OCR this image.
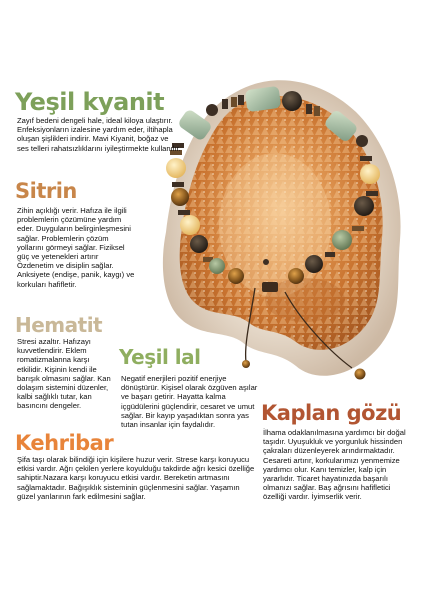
Yeşil kyanit

Zayıf bedeni dengeli hale, ideal kiloya ulaştırır. Enfeksiyonların izalesine yardım eder, iltihapla oluşan şişlikleri indirir. Mavi Kiyanit, boğaz ve ses telleri rahatsızlıklarını iyileştirmekte kullanılır.

Sitrin

Zihin açıklığı verir. Hafıza ile ilgili problemlerin çözümüne yardım eder. Duyguların belirginleşmesini sağlar. Problemlerin çözüm yollarını görmeyi sağlar. Fiziksel güç ve yetenekleri artırır Özdenetim ve disiplin sağlar. Anksiyete (endişe, panik, kaygı) ve korkuları hafifletir.

Hematit

Stresi azaltır. Hafızayı kuvvetlendirir. Eklem romatizmalanna karşı etkilidir. Kişinin kendi ile barışık olmasını sağlar. Kan dolaşım sistemini düzenler, kalbi sağlıklı tutar, kan basıncını dengeler.

Yeşil lal

Negatif enerjileri pozitif enerjiye dönüştürür. Kişisel olarak özgüven aşılar ve başarı getirir. Hayatta kalma içgüdülerini güçlendirir, cesaret ve umut sağlar. Bir kayıp yaşadıktan sonra yas tutan insanlar için faydalıdır.

Kehribar

Şifa taşı olarak bilindiği için kişilere huzur verir. Strese karşı koruyucu etkisi vardır. Ağrı çekilen yerlere koyulduğu takdirde ağrı kesici özelliğe sahiptir.Nazara karşı koruyucu etkisi vardır. Bereketin artmasını sağlamaktadır. Bağışıklık sisteminin güçlenmesini sağlar. Yaşamın güzel yanlarının fark edilmesini sağlar.

Kaplan gözü

İlhama odaklanılmasına yardımcı bir doğal taşıdır. Uyuşukluk ve yorgunluk hissinden çakraları düzenleyerek arındırmaktadır. Cesareti artırır, korkularımızı yenmemize yardımcı olur. Kanı temizler, kalp için yararlıdır. Ticaret hayatınızda başarılı olmanızı sağlar. Baş ağrısını hafifletici özelliği vardır. İyimserlik verir.
